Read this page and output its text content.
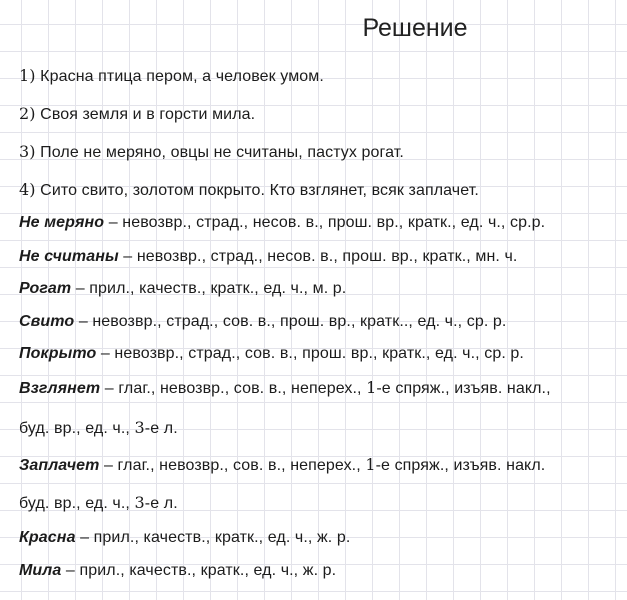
Решение
1) Красна птица пером, а человек умом.
2) Своя земля и в горсти мила.
3) Поле не меряно, овцы не считаны, пастух рогат.
4) Сито свито, золотом покрыто. Кто взглянет, всяк заплачет.
Не меряно – невозвр., страд., несов. в., прош. вр., кратк., ед. ч., ср.р.
Не считаны – невозвр., страд., несов. в., прош. вр., кратк., мн. ч.
Рогат – прил., качеств., кратк., ед. ч., м. р.
Свито – невозвр., страд., сов. в., прош. вр., кратк.., ед. ч., ср. р.
Покрыто – невозвр., страд., сов. в., прош. вр., кратк., ед. ч., ср. р.
Взглянет – глаг., невозвр., сов. в., неперех., 1-е спряж., изъяв. накл.,
буд. вр., ед. ч., 3-е л.
Заплачет – глаг., невозвр., сов. в., неперех., 1-е спряж., изъяв. накл.
буд. вр., ед. ч., 3-е л.
Красна – прил., качеств., кратк., ед. ч., ж. р.
Мила – прил., качеств., кратк., ед. ч., ж. р.
